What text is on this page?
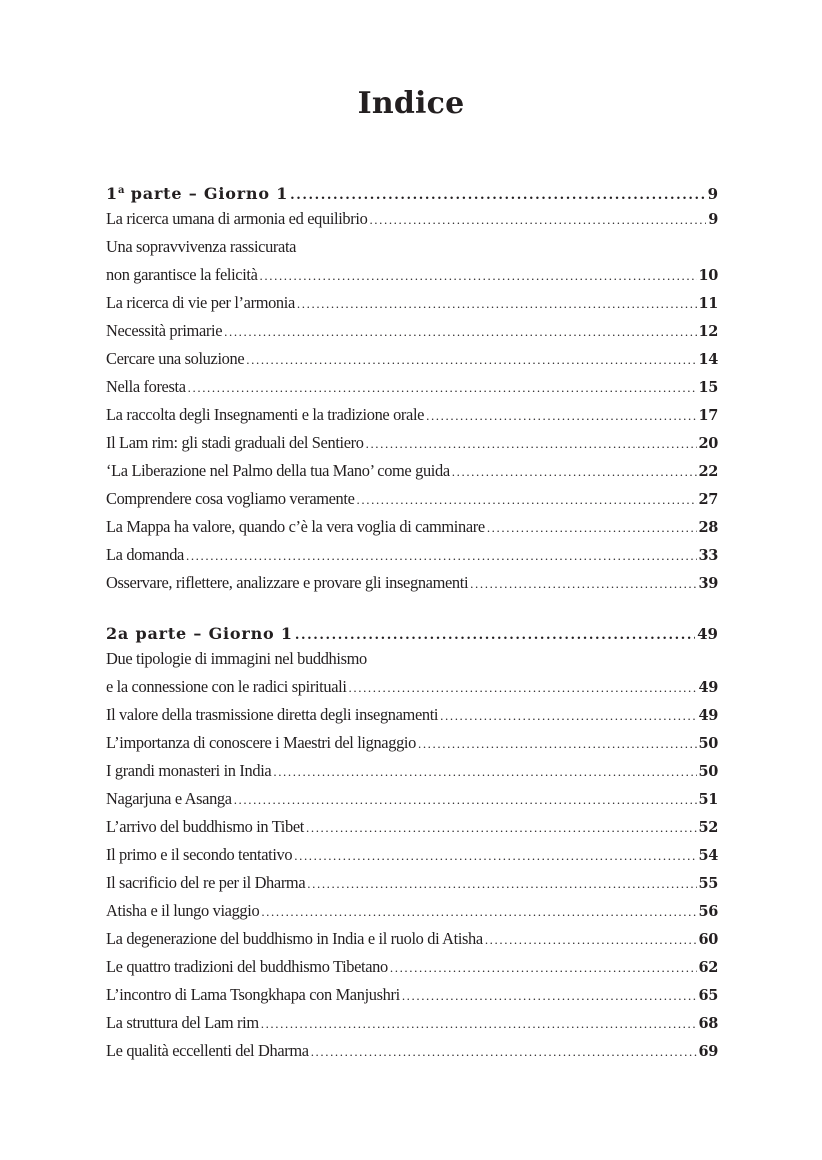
Indice
1$^a$ parte – Giorno 1 .....	9
La ricerca umana di armonia ed equilibrio .....	9
Una sopravvivenza rassicurata
non garantisce la felicità .....	10
La ricerca di vie per l’armonia .....	11
Necessità primarie .....	12
Cercare una soluzione .....	14
Nella foresta .....	15
La raccolta degli Insegnamenti e la tradizione orale .....	17
Il Lam rim: gli stadi graduali del Sentiero .....	20
‘La Liberazione nel Palmo della tua Mano’ come guida .....	22
Comprendere cosa vogliamo veramente .....	27
La Mappa ha valore, quando c’è la vera voglia di camminare .....	28
La domanda .....	33
Osservare, riflettere, analizzare e provare gli insegnamenti .....	39
2a parte – Giorno 1 .....	49
Due tipologie di immagini nel buddhismo
e la connessione con le radici spirituali .....	49
Il valore della trasmissione diretta degli insegnamenti .....	49
L’importanza di conoscere i Maestri del lignaggio .....	50
I grandi monasteri in India .....	50
Nagarjuna e Asanga .....	51
L’arrivo del buddhismo in Tibet .....	52
Il primo e il secondo tentativo .....	54
Il sacrificio del re per il Dharma .....	55
Atisha e il lungo viaggio .....	56
La degenerazione del buddhismo in India e il ruolo di Atisha .....	60
Le quattro tradizioni del buddhismo Tibetano .....	62
L’incontro di Lama Tsongkhapa con Manjushri .....	65
La struttura del Lam rim .....	68
Le qualità eccellenti del Dharma .....	69
